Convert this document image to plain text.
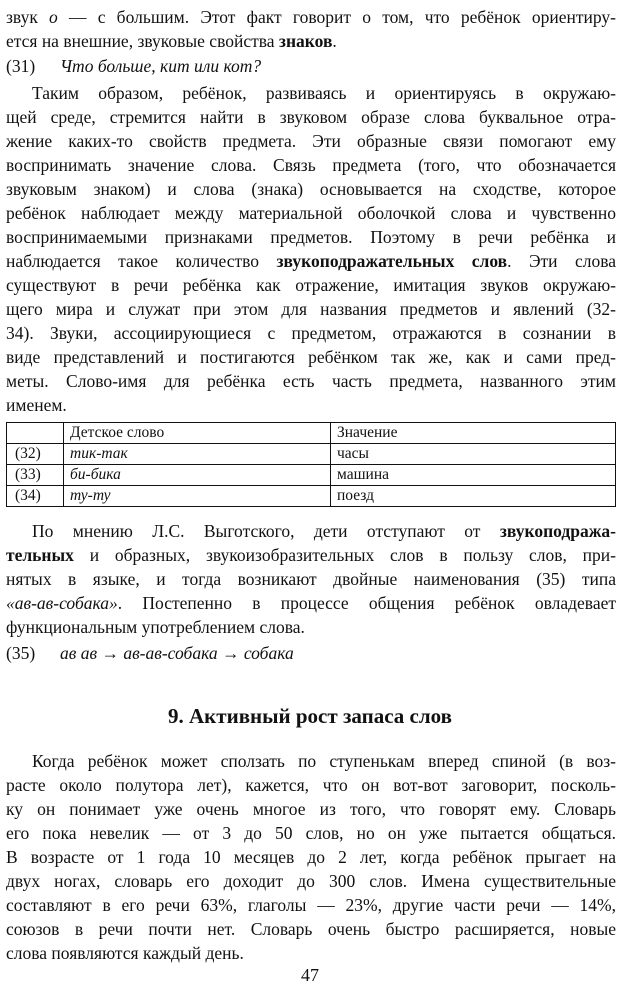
звук о — с большим. Этот факт говорит о том, что ребёнок ориентиру-
ется на внешние, звуковые свойства знаков.
(31) Что больше, кит или кот?
Таким образом, ребёнок, развиваясь и ориентируясь в окружаю-
щей среде, стремится найти в звуковом образе слова буквальное отра-
жение каких-то свойств предмета. Эти образные связи помогают ему
воспринимать значение слова. Связь предмета (того, что обозначается
звуковым знаком) и слова (знака) основывается на сходстве, которое
ребёнок наблюдает между материальной оболочкой слова и чувственно
воспринимаемыми признаками предметов. Поэтому в речи ребёнка и
наблюдается такое количество звукоподражательных слов. Эти слова
существуют в речи ребёнка как отражение, имитация звуков окружаю-
щего мира и служат при этом для названия предметов и явлений (32-
34). Звуки, ассоциирующиеся с предметом, отражаются в сознании в
виде представлений и постигаются ребёнком так же, как и сами пред-
меты. Слово-имя для ребёнка есть часть предмета, названного этим
именем.
	Детское слово	Значение
(32)	тик-так	часы
(33)	би-бика	машина
(34)	ту-ту	поезд
По мнению Л.С. Выготского, дети отступают от звукоподража-
тельных и образных, звукоизобразительных слов в пользу слов, при-
нятых в языке, и тогда возникают двойные наименования (35) типа
«ав-ав-собака». Постепенно в процессе общения ребёнок овладевает
функциональным употреблением слова.
(35) ав ав → ав-ав-собака → собака
9. Активный рост запаса слов
Когда ребёнок может сползать по ступенькам вперед спиной (в воз-
расте около полутора лет), кажется, что он вот-вот заговорит, посколь-
ку он понимает уже очень многое из того, что говорят ему. Словарь
его пока невелик — от 3 до 50 слов, но он уже пытается общаться.
В возрасте от 1 года 10 месяцев до 2 лет, когда ребёнок прыгает на
двух ногах, словарь его доходит до 300 слов. Имена существительные
составляют в его речи 63%, глаголы — 23%, другие части речи — 14%,
союзов в речи почти нет. Словарь очень быстро расширяется, новые
слова появляются каждый день.
47
